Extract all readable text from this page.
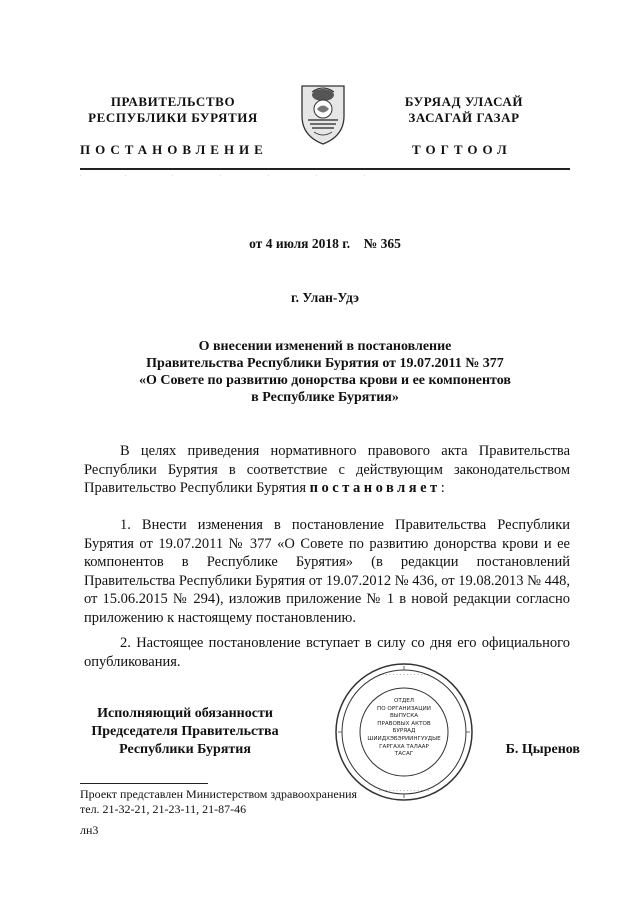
ПРАВИТЕЛЬСТВО
РЕСПУБЛИКИ БУРЯТИЯ
БУРЯАД УЛАСАЙ
ЗАСАГАЙ ГАЗАР
ПОСТАНОВЛЕНИЕ	ТОГТООЛ
.                             .                              .                               .                               .                               .                               .
от 4 июля 2018 г.    № 365
г. Улан-Удэ
О внесении изменений в постановление
Правительства Республики Бурятия от 19.07.2011 № 377
«О Совете по развитию донорства крови и ее компонентов
в Республике Бурятия»
В целях приведения нормативного правового акта Правительства Республики Бурятия в соответствие с действующим законодательством Правительство Республики Бурятия постановляет:
1. Внести изменения в постановление Правительства Республики Бурятия от 19.07.2011 № 377 «О Совете по развитию донорства крови и ее компонентов в Республике Бурятия» (в редакции постановлений Правительства Республики Бурятия от 19.07.2012 № 436, от 19.08.2013 № 448, от 15.06.2015 № 294), изложив приложение № 1 в новой редакции согласно приложению к настоящему постановлению.
2. Настоящее постановление вступает в силу со дня его официального опубликования.
· · · · · · · · · · · · · · ·
· · · · · · · · · · · · · · ·
ОТДЕЛ
ПО ОРГАНИЗАЦИИ
ВЫПУСКА
ПРАВОВЫХ АКТОВ
БУРЯАД
ШИИДХЭБЭРИИНГУУДЫЕ
ГАРГАХА ТАЛААР
ТАСАГ
Исполняющий обязанности
Председателя Правительства
Республики Бурятия	Б. Цыренов
Проект представлен Министерством здравоохранения
тел. 21-32-21, 21-23-11, 21-87-46
лн3
